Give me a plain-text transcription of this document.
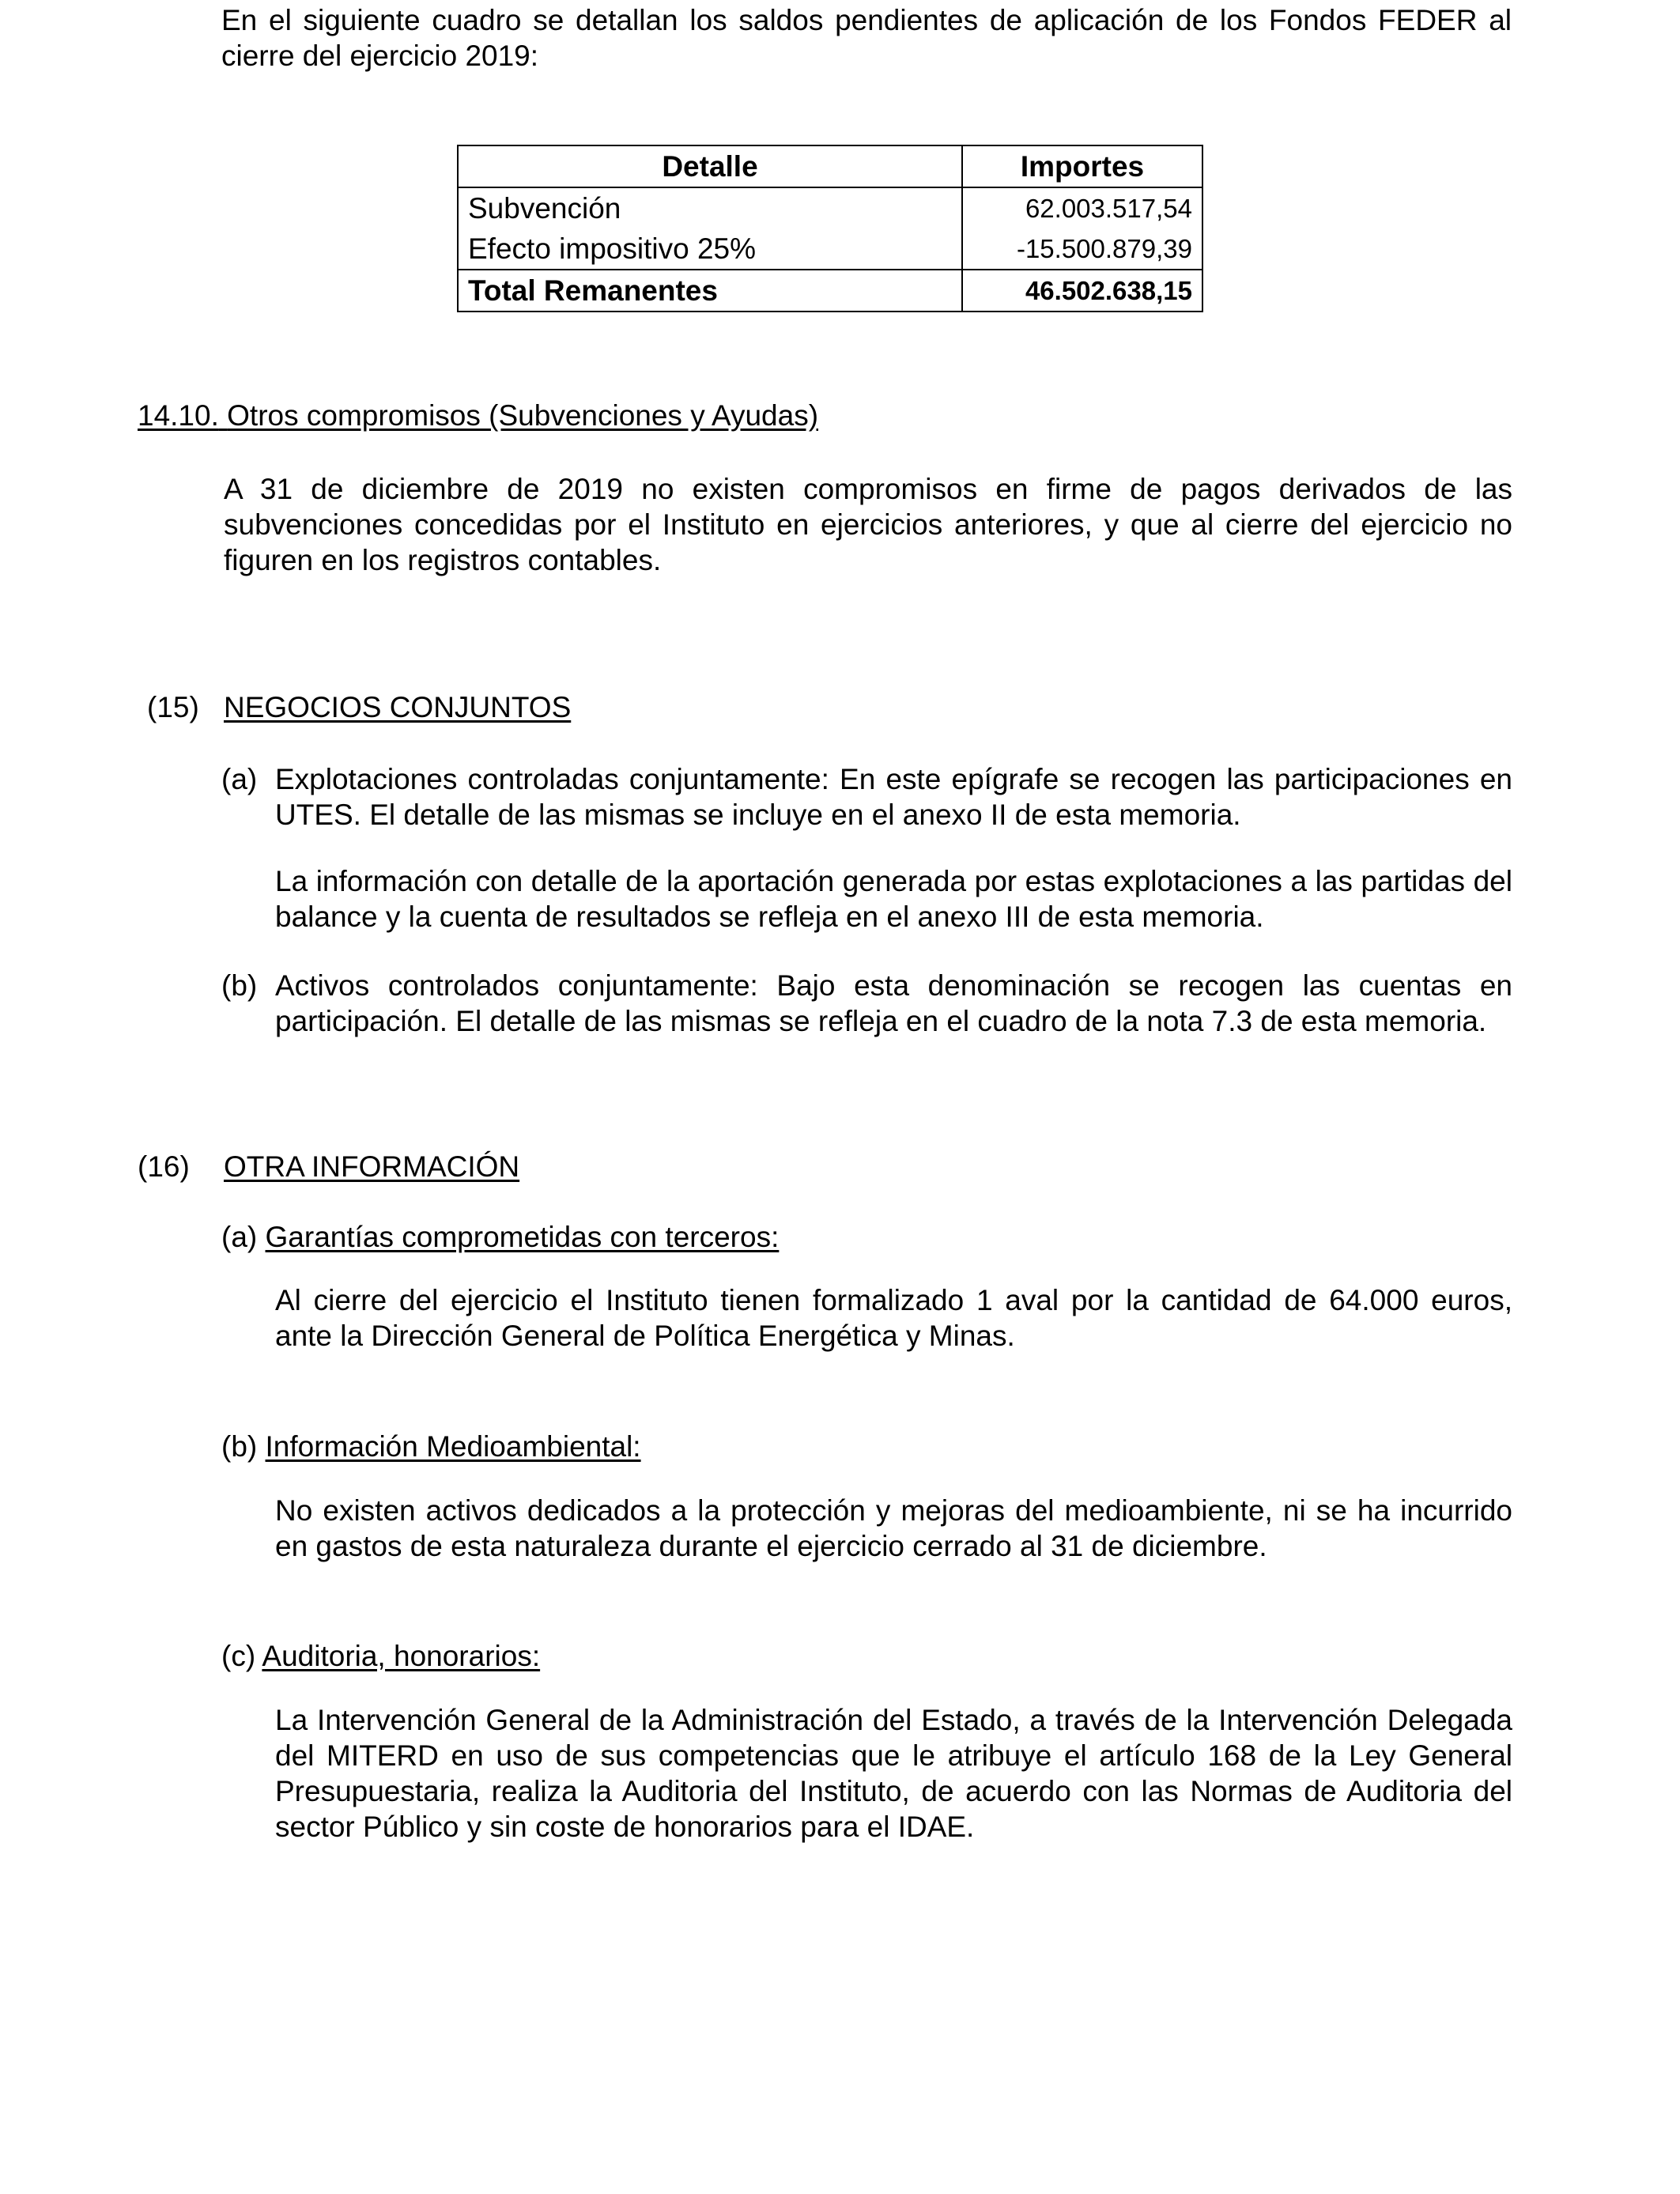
En el siguiente cuadro se detallan los saldos pendientes de aplicación de los Fondos FEDER al cierre del ejercicio 2019:
Detalle	Importes
Subvención	62.003.517,54
Efecto impositivo 25%	-15.500.879,39
Total Remanentes	46.502.638,15
14.10. Otros compromisos (Subvenciones y Ayudas)
A 31 de diciembre de 2019 no existen compromisos en firme de pagos derivados de las subvenciones concedidas por el Instituto en ejercicios anteriores, y que al cierre del ejercicio no figuren en los registros contables.
(15) NEGOCIOS CONJUNTOS
(a) Explotaciones controladas conjuntamente: En este epígrafe se recogen las participaciones en UTES. El detalle de las mismas se incluye en el anexo II de esta memoria.
La información con detalle de la aportación generada por estas explotaciones a las partidas del balance y la cuenta de resultados se refleja en el anexo III de esta memoria.
(b) Activos controlados conjuntamente: Bajo esta denominación se recogen las cuentas en participación. El detalle de las mismas se refleja en el cuadro de la nota 7.3 de esta memoria.
(16) OTRA INFORMACIÓN
(a) Garantías comprometidas con terceros:
Al cierre del ejercicio el Instituto tienen formalizado 1 aval por la cantidad de 64.000 euros, ante la Dirección General de Política Energética y Minas.
(b) Información Medioambiental:
No existen activos dedicados a la protección y mejoras del medioambiente, ni se ha incurrido en gastos de esta naturaleza durante el ejercicio cerrado al 31 de diciembre.
(c) Auditoria, honorarios:
La Intervención General de la Administración del Estado, a través de la Intervención Delegada del MITERD en uso de sus competencias que le atribuye el artículo 168 de la Ley General Presupuestaria, realiza la Auditoria del Instituto, de acuerdo con las Normas de Auditoria del sector Público y sin coste de honorarios para el IDAE.
